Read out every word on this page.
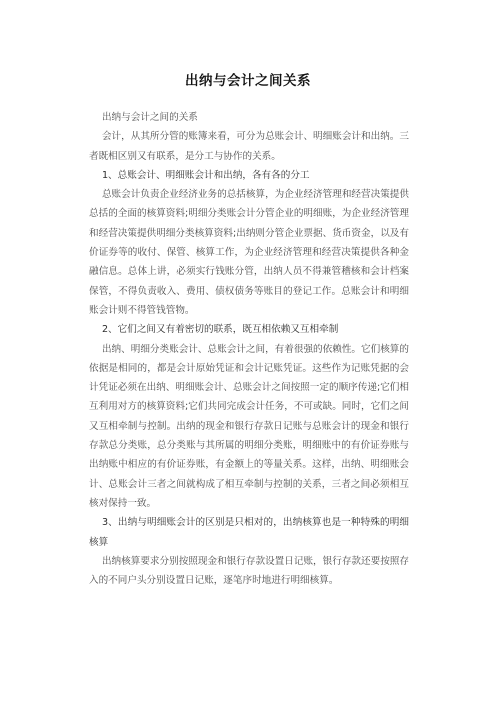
出纳与会计之间关系

出纳与会计之间的关系

会计，从其所分管的账簿来看，可分为总账会计、明细账会计和出纳。三者既相区别又有联系，是分工与协作的关系。

1、总账会计、明细账会计和出纳，各有各的分工

总账会计负责企业经济业务的总括核算，为企业经济管理和经营决策提供总括的全面的核算资料;明细分类账会计分管企业的明细账，为企业经济管理和经营决策提供明细分类核算资料;出纳则分管企业票据、货币资金，以及有价证券等的收付、保管、核算工作，为企业经济管理和经营决策提供各种金融信息。总体上讲，必须实行钱账分管，出纳人员不得兼管稽核和会计档案保管，不得负责收入、费用、债权债务等账目的登记工作。总账会计和明细账会计则不得管钱管物。

2、它们之间又有着密切的联系，既互相依赖又互相牵制

出纳、明细分类账会计、总账会计之间，有着很强的依赖性。它们核算的依据是相同的，都是会计原始凭证和会计记账凭证。这些作为记账凭据的会计凭证必须在出纳、明细账会计、总账会计之间按照一定的顺序传递;它们相互利用对方的核算资料;它们共同完成会计任务，不可或缺。同时，它们之间又互相牵制与控制。出纳的现金和银行存款日记账与总账会计的现金和银行存款总分类账，总分类账与其所属的明细分类账，明细账中的有价证券账与出纳账中相应的有价证券账，有金额上的等量关系。这样，出纳、明细账会计、总账会计三者之间就构成了相互牵制与控制的关系，三者之间必须相互核对保持一致。

3、出纳与明细账会计的区别是只相对的，出纳核算也是一种特殊的明细核算

出纳核算要求分别按照现金和银行存款设置日记账，银行存款还要按照存入的不同户头分别设置日记账，逐笔序时地进行明细核算。
